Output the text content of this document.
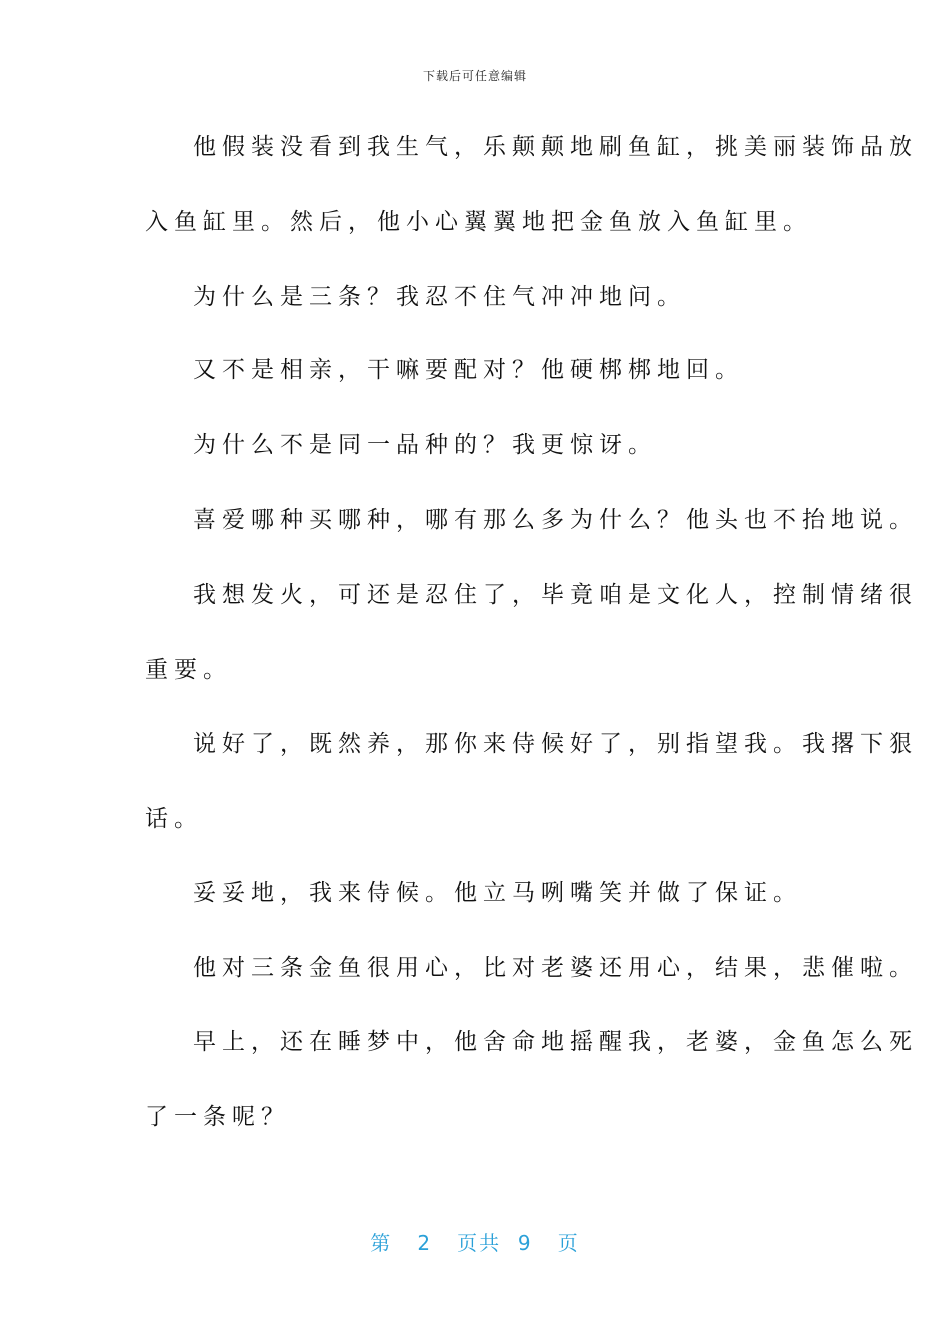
下载后可任意编辑
他假装没看到我生气，乐颠颠地刷鱼缸，挑美丽装饰品放
入鱼缸里。然后，他小心翼翼地把金鱼放入鱼缸里。
为什么是三条？我忍不住气冲冲地问。
又不是相亲，干嘛要配对？他硬梆梆地回。
为什么不是同一品种的？我更惊讶。
喜爱哪种买哪种，哪有那么多为什么？他头也不抬地说。
我想发火，可还是忍住了，毕竟咱是文化人，控制情绪很
重要。
说好了，既然养，那你来侍候好了，别指望我。我撂下狠
话。
妥妥地，我来侍候。他立马咧嘴笑并做了保证。
他对三条金鱼很用心，比对老婆还用心，结果，悲催啦。
早上，还在睡梦中，他舍命地摇醒我，老婆，金鱼怎么死
了一条呢？
第 2 页共 9 页
